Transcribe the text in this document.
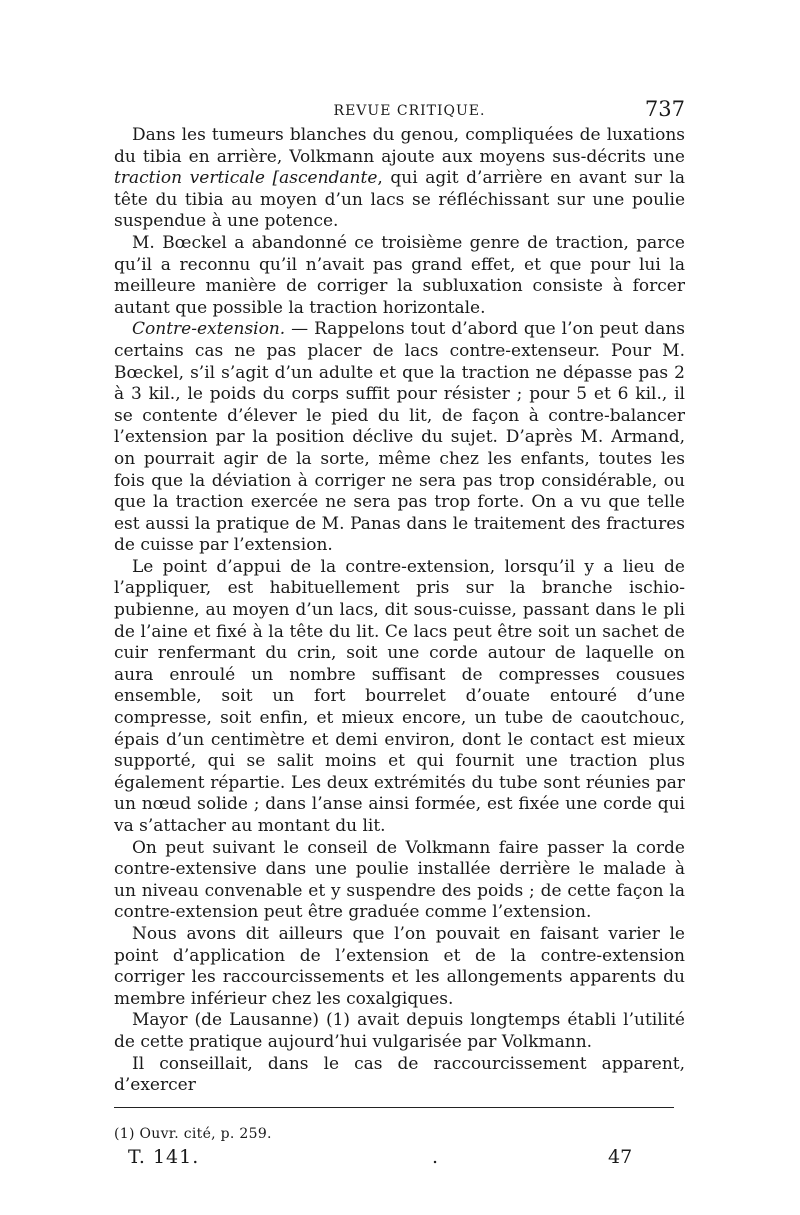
REVUE CRITIQUE.	737

Dans les tumeurs blanches du genou, compliquées de luxations du tibia en arrière, Volkmann ajoute aux moyens sus-décrits une traction verticale [ascendante, qui agit d’arrière en avant sur la tête du tibia au moyen d’un lacs se réfléchissant sur une poulie suspendue à une potence.

M. Bœckel a abandonné ce troisième genre de traction, parce qu’il a reconnu qu’il n’avait pas grand effet, et que pour lui la meilleure manière de corriger la subluxation consiste à forcer autant que possible la traction horizontale.

Contre-extension. — Rappelons tout d’abord que l’on peut dans certains cas ne pas placer de lacs contre-extenseur. Pour M. Bœckel, s’il s’agit d’un adulte et que la traction ne dépasse pas 2 à 3 kil., le poids du corps suffit pour résister ; pour 5 et 6 kil., il se contente d’élever le pied du lit, de façon à contre-balancer l’extension par la position déclive du sujet. D’après M. Armand, on pourrait agir de la sorte, même chez les enfants, toutes les fois que la déviation à corriger ne sera pas trop considérable, ou que la traction exercée ne sera pas trop forte. On a vu que telle est aussi la pratique de M. Panas dans le traitement des fractures de cuisse par l’extension.

Le point d’appui de la contre-extension, lorsqu’il y a lieu de l’appliquer, est habituellement pris sur la branche ischio-pubienne, au moyen d’un lacs, dit sous-cuisse, passant dans le pli de l’aine et fixé à la tête du lit. Ce lacs peut être soit un sachet de cuir renfermant du crin, soit une corde autour de laquelle on aura enroulé un nombre suffisant de compresses cousues ensemble, soit un fort bourrelet d’ouate entouré d’une compresse, soit enfin, et mieux encore, un tube de caoutchouc, épais d’un centimètre et demi environ, dont le contact est mieux supporté, qui se salit moins et qui fournit une traction plus également répartie. Les deux extrémités du tube sont réunies par un nœud solide ; dans l’anse ainsi formée, est fixée une corde qui va s’attacher au montant du lit.

On peut suivant le conseil de Volkmann faire passer la corde contre-extensive dans une poulie installée derrière le malade à un niveau convenable et y suspendre des poids ; de cette façon la contre-extension peut être graduée comme l’extension.

Nous avons dit ailleurs que l’on pouvait en faisant varier le point d’application de l’extension et de la contre-extension corriger les raccourcissements et les allongements apparents du membre inférieur chez les coxalgiques.

Mayor (de Lausanne) (1) avait depuis longtemps établi l’utilité de cette pratique aujourd’hui vulgarisée par Volkmann.

Il conseillait, dans le cas de raccourcissement apparent, d’exercer

(1) Ouvr. cité, p. 259.
T. 141.	.	47
